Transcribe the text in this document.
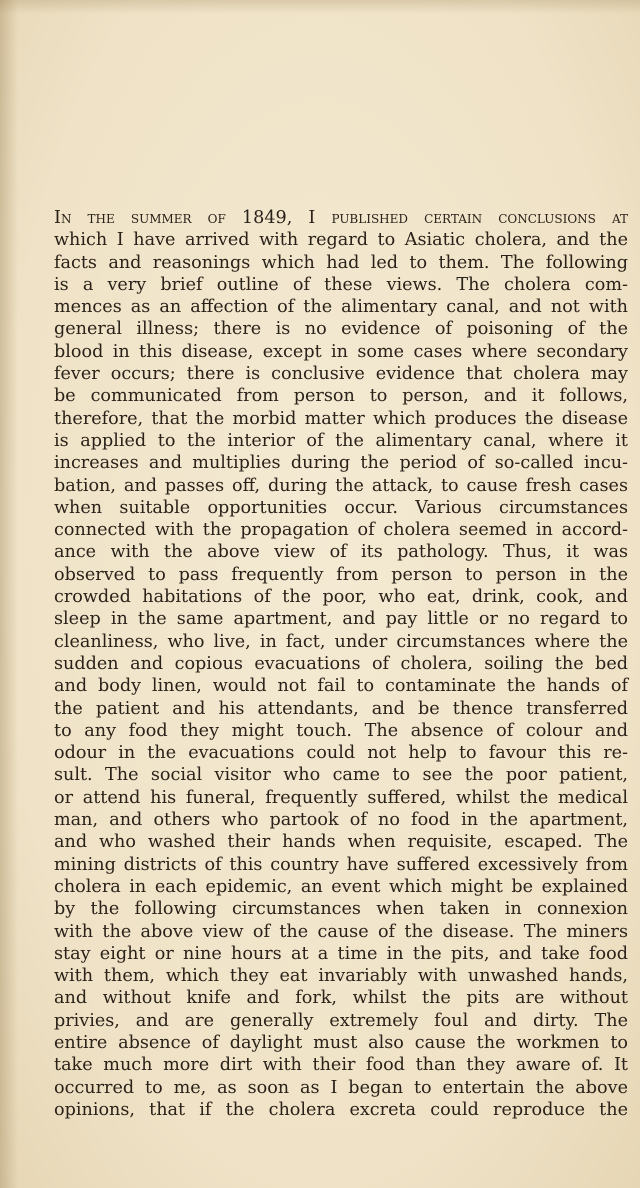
In the summer of 1849, I published certain conclusions at
which I have arrived with regard to Asiatic cholera, and the
facts and reasonings which had led to them. The following
is a very brief outline of these views. The cholera com-
mences as an affection of the alimentary canal, and not with
general illness; there is no evidence of poisoning of the
blood in this disease, except in some cases where secondary
fever occurs; there is conclusive evidence that cholera may
be communicated from person to person, and it follows,
therefore, that the morbid matter which produces the disease
is applied to the interior of the alimentary canal, where it
increases and multiplies during the period of so-called incu-
bation, and passes off, during the attack, to cause fresh cases
when suitable opportunities occur. Various circumstances
connected with the propagation of cholera seemed in accord-
ance with the above view of its pathology. Thus, it was
observed to pass frequently from person to person in the
crowded habitations of the poor, who eat, drink, cook, and
sleep in the same apartment, and pay little or no regard to
cleanliness, who live, in fact, under circumstances where the
sudden and copious evacuations of cholera, soiling the bed
and body linen, would not fail to contaminate the hands of
the patient and his attendants, and be thence transferred
to any food they might touch. The absence of colour and
odour in the evacuations could not help to favour this re-
sult. The social visitor who came to see the poor patient,
or attend his funeral, frequently suffered, whilst the medical
man, and others who partook of no food in the apartment,
and who washed their hands when requisite, escaped. The
mining districts of this country have suffered excessively from
cholera in each epidemic, an event which might be explained
by the following circumstances when taken in connexion
with the above view of the cause of the disease. The miners
stay eight or nine hours at a time in the pits, and take food
with them, which they eat invariably with unwashed hands,
and without knife and fork, whilst the pits are without
privies, and are generally extremely foul and dirty. The
entire absence of daylight must also cause the workmen to
take much more dirt with their food than they aware of. It
occurred to me, as soon as I began to entertain the above
opinions, that if the cholera excreta could reproduce the
